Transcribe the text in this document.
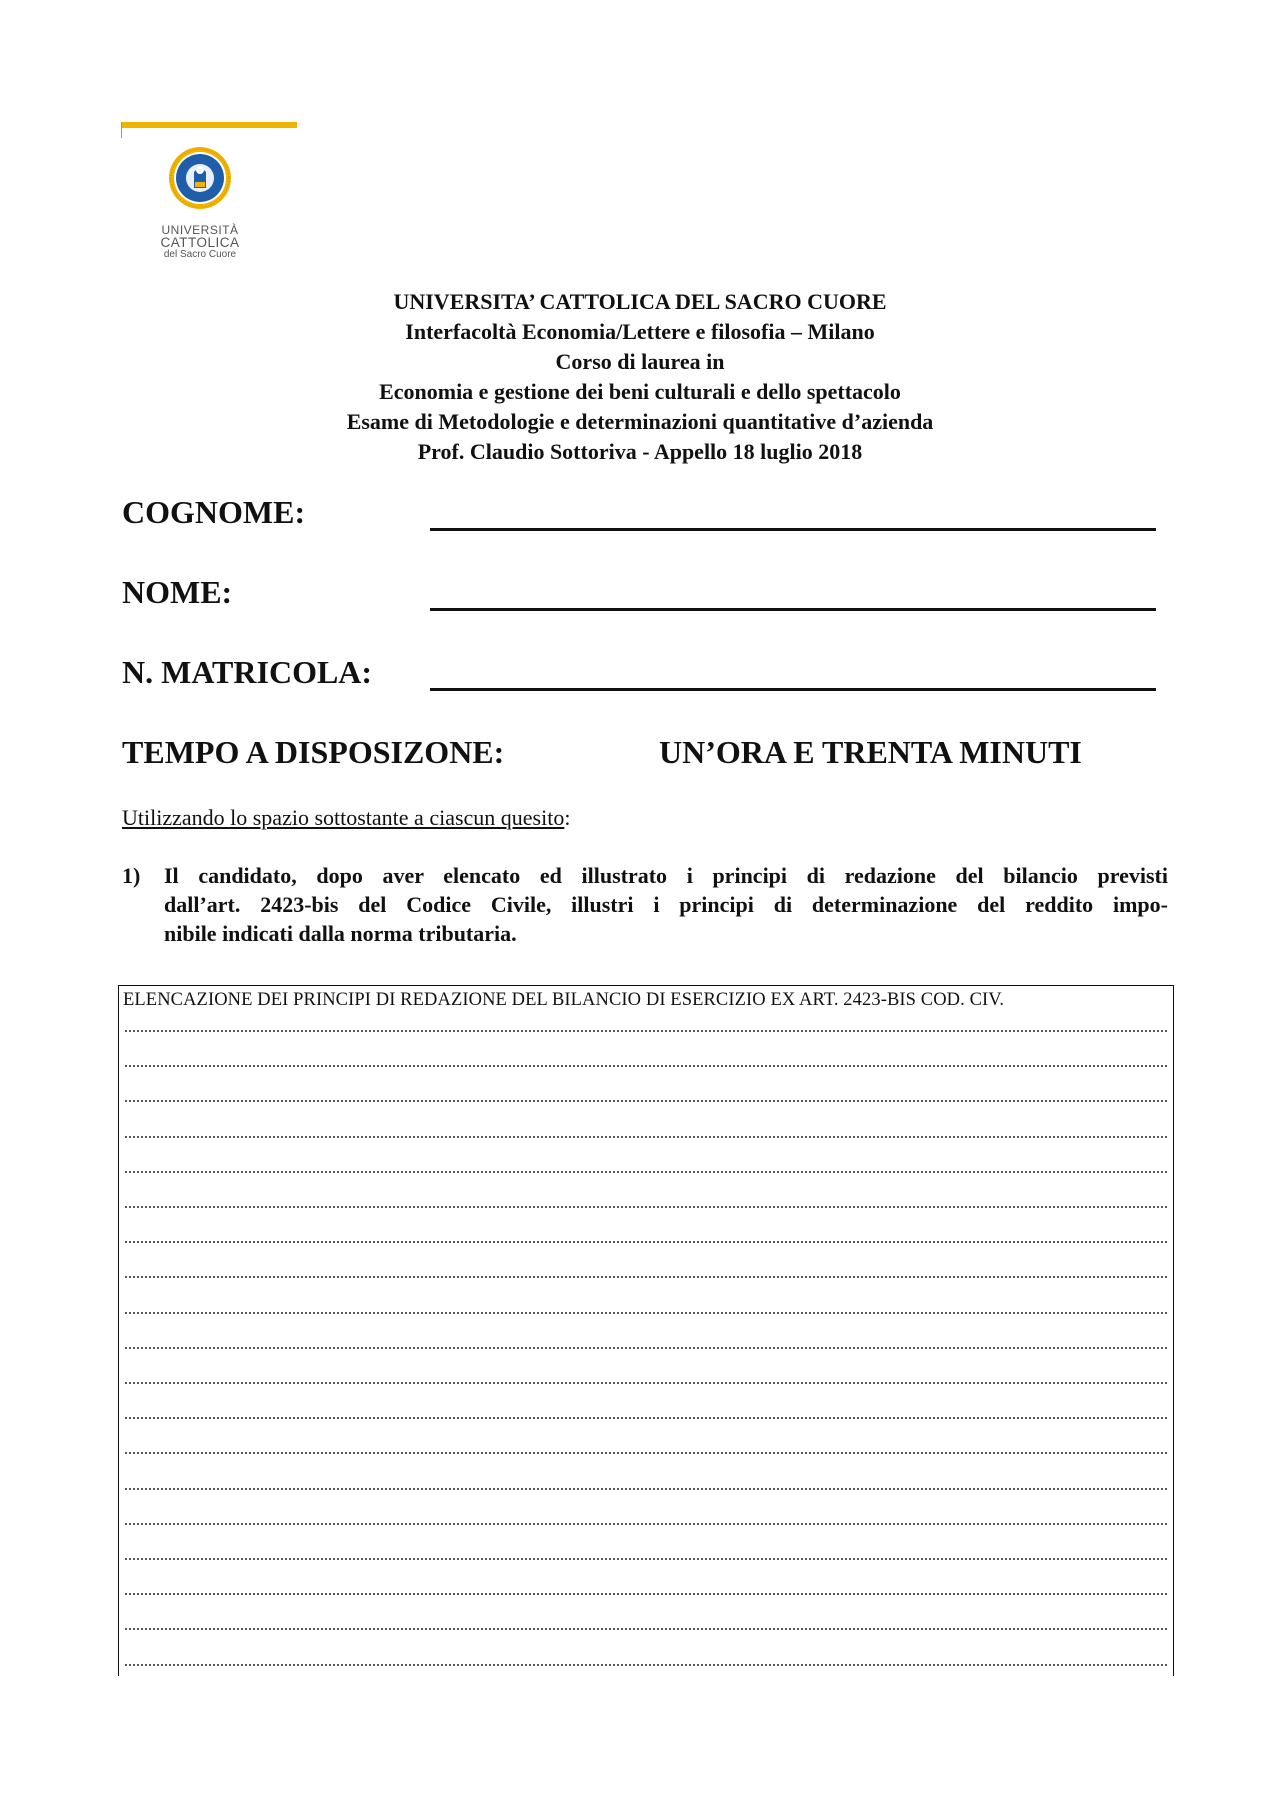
UNIVERSITÀ
CATTOLICA
del Sacro Cuore
UNIVERSITA’ CATTOLICA DEL SACRO CUORE
Interfacoltà Economia/Lettere e filosofia – Milano
Corso di laurea in
Economia e gestione dei beni culturali e dello spettacolo
Esame di Metodologie e determinazioni quantitative d’azienda
Prof. Claudio Sottoriva - Appello 18 luglio 2018
COGNOME:
NOME:
N. MATRICOLA:
TEMPO A DISPOSIZONE:	UN’ORA E TRENTA MINUTI
Utilizzando lo spazio sottostante a ciascun quesito:
1) Il candidato, dopo aver elencato ed illustrato i principi di redazione del bilancio previsti
dall’art. 2423-bis del Codice Civile, illustri i principi di determinazione del reddito impo-
nibile indicati dalla norma tributaria.
ELENCAZIONE DEI PRINCIPI DI REDAZIONE DEL BILANCIO DI ESERCIZIO EX ART. 2423-BIS COD. CIV.
